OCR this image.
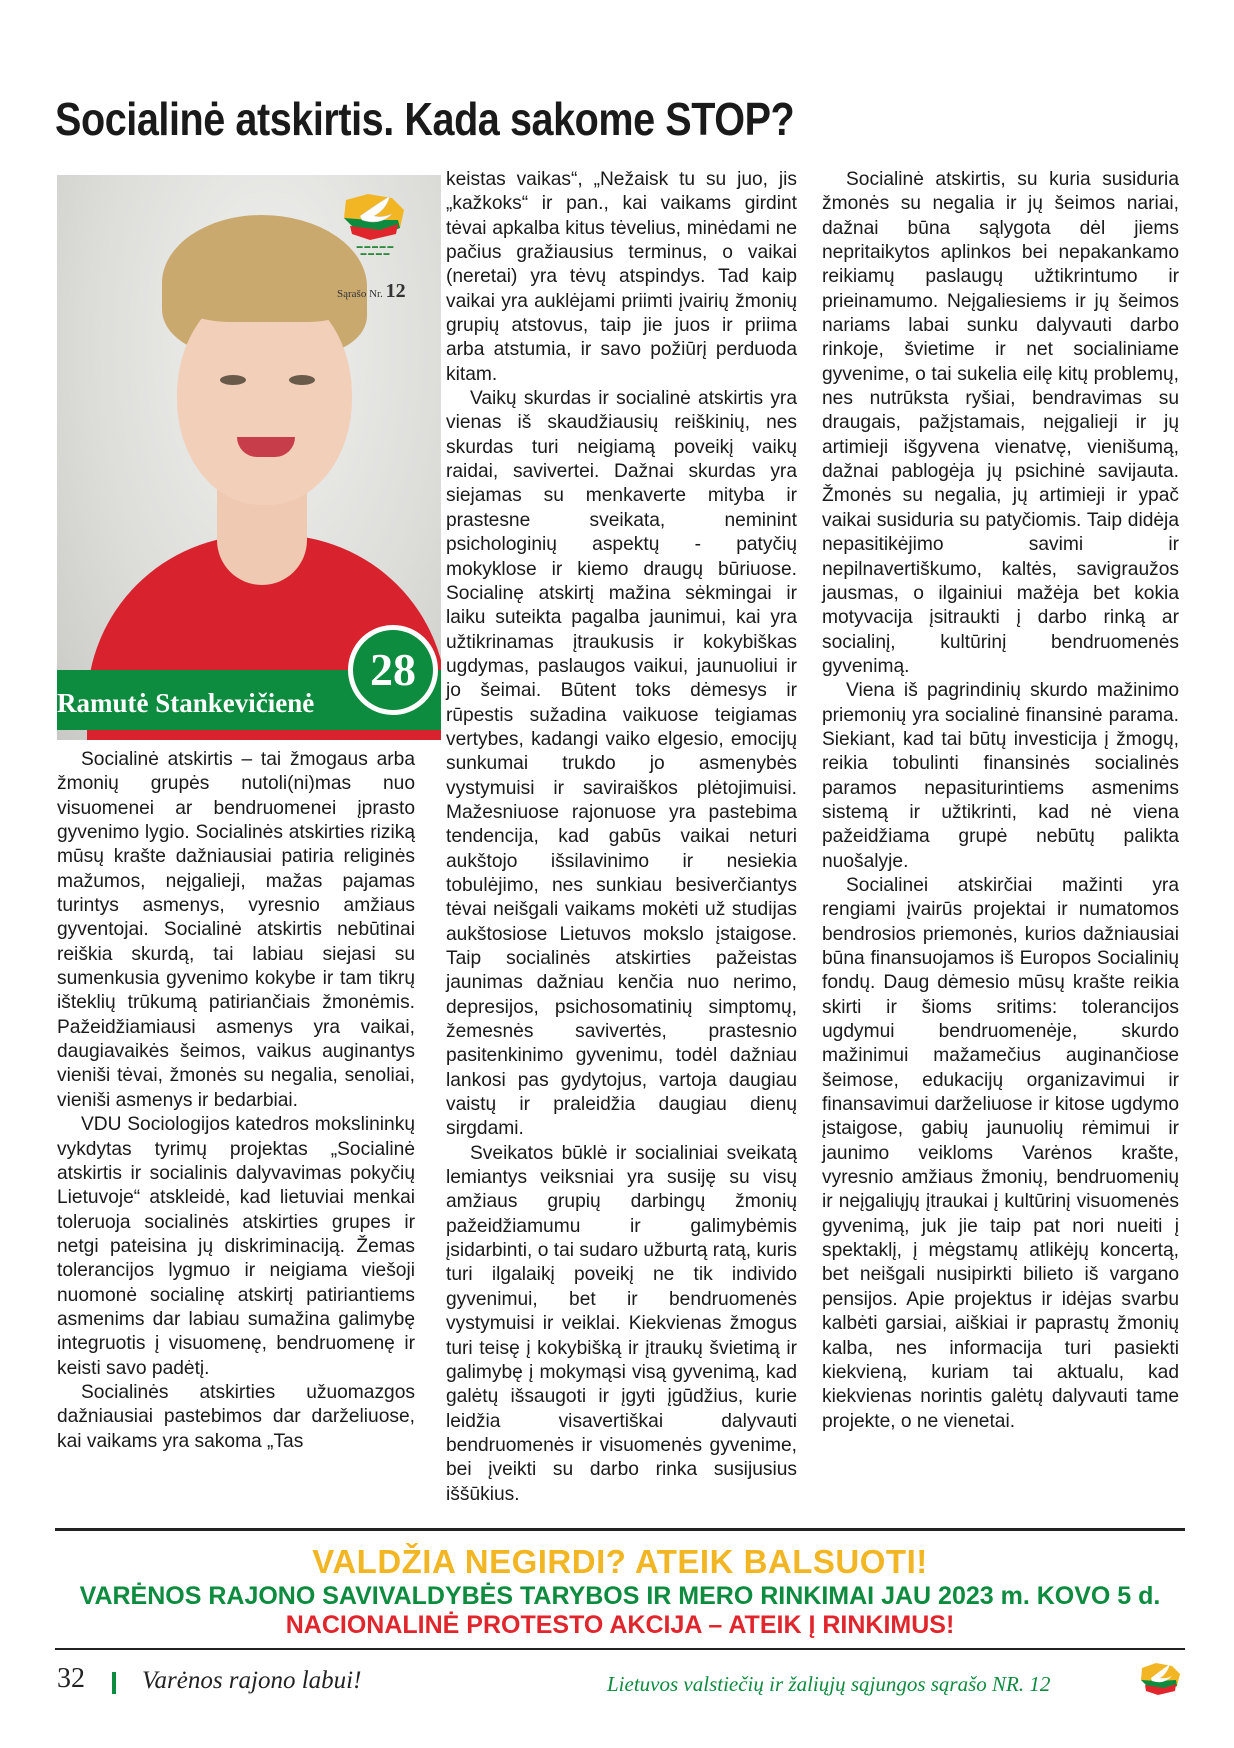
Socialinė atskirtis. Kada sakome STOP?
▬ ▬ ▬ ▬ ▬
▬ ▬ ▬ ▬
Sąrašo Nr. 12
Ramutė Stankevičienė
28

Socialinė atskirtis – tai žmogaus arba žmonių grupės nutoli(ni)mas nuo visuomenei ar bendruomenei įprasto gyvenimo lygio. Socialinės atskirties riziką mūsų krašte dažniausiai patiria religinės mažumos, neįgalieji, mažas pajamas turintys asmenys, vyresnio amžiaus gyventojai. Socialinė atskirtis nebūtinai reiškia skurdą, tai labiau siejasi su sumenkusia gyvenimo kokybe ir tam tikrų išteklių trūkumą patiriančiais žmonėmis. Pažeidžiamiausi asmenys yra vaikai, daugiavaikės šeimos, vaikus auginantys vieniši tėvai, žmonės su negalia, senoliai, vieniši asmenys ir bedarbiai.

VDU Sociologijos katedros mokslininkų vykdytas tyrimų projektas „Socialinė atskirtis ir socialinis dalyvavimas pokyčių Lietuvoje“ atskleidė, kad lietuviai menkai toleruoja socialinės atskirties grupes ir netgi pateisina jų diskriminaciją. Žemas tolerancijos lygmuo ir neigiama viešoji nuomonė socialinę atskirtį patiriantiems asmenims dar labiau sumažina galimybę integruotis į visuomenę, bendruomenę ir keisti savo padėtį.

Socialinės atskirties užuomazgos dažniausiai pastebimos dar darželiuose, kai vaikams yra sakoma „Tas

keistas vaikas“, „Nežaisk tu su juo, jis „kažkoks“ ir pan., kai vaikams girdint tėvai apkalba kitus tėvelius, minėdami ne pačius gražiausius terminus, o vaikai (neretai) yra tėvų atspindys. Tad kaip vaikai yra auklėjami priimti įvairių žmonių grupių atstovus, taip jie juos ir priima arba atstumia, ir savo požiūrį perduoda kitam.

Vaikų skurdas ir socialinė atskirtis yra vienas iš skaudžiausių reiškinių, nes skurdas turi neigiamą poveikį vaikų raidai, savivertei. Dažnai skurdas yra siejamas su menkaverte mityba ir prastesne sveikata, neminint psichologinių aspektų - patyčių mokyklose ir kiemo draugų būriuose. Socialinę atskirtį mažina sėkmingai ir laiku suteikta pagalba jaunimui, kai yra užtikrinamas įtraukusis ir kokybiškas ugdymas, paslaugos vaikui, jaunuoliui ir jo šeimai. Būtent toks dėmesys ir rūpestis sužadina vaikuose teigiamas vertybes, kadangi vaiko elgesio, emocijų sunkumai trukdo jo asmenybės vystymuisi ir saviraiškos plėtojimuisi. Mažesniuose rajonuose yra pastebima tendencija, kad gabūs vaikai neturi aukštojo išsilavinimo ir nesiekia tobulėjimo, nes sunkiau besiverčiantys tėvai neišgali vaikams mokėti už studijas aukštosiose Lietuvos mokslo įstaigose. Taip socialinės atskirties pažeistas jaunimas dažniau kenčia nuo nerimo, depresijos, psichosomatinių simptomų, žemesnės savivertės, prastesnio pasitenkinimo gyvenimu, todėl dažniau lankosi pas gydytojus, vartoja daugiau vaistų ir praleidžia daugiau dienų sirgdami.

Sveikatos būklė ir socialiniai sveikatą lemiantys veiksniai yra susiję su visų amžiaus grupių darbingų žmonių pažeidžiamumu ir galimybėmis įsidarbinti, o tai sudaro užburtą ratą, kuris turi ilgalaikį poveikį ne tik individo gyvenimui, bet ir bendruomenės vystymuisi ir veiklai. Kiekvienas žmogus turi teisę į kokybišką ir įtraukų švietimą ir galimybę į mokymąsi visą gyvenimą, kad galėtų išsaugoti ir įgyti įgūdžius, kurie leidžia visavertiškai dalyvauti bendruomenės ir visuomenės gyvenime, bei įveikti su darbo rinka susijusius iššūkius.

Socialinė atskirtis, su kuria susiduria žmonės su negalia ir jų šeimos nariai, dažnai būna sąlygota dėl jiems nepritaikytos aplinkos bei nepakankamo reikiamų paslaugų užtikrintumo ir prieinamumo. Neįgaliesiems ir jų šeimos nariams labai sunku dalyvauti darbo rinkoje, švietime ir net socialiniame gyvenime, o tai sukelia eilę kitų problemų, nes nutrūksta ryšiai, bendravimas su draugais, pažįstamais, neįgalieji ir jų artimieji išgyvena vienatvę, vienišumą, dažnai pablogėja jų psichinė savijauta. Žmonės su negalia, jų artimieji ir ypač vaikai susiduria su patyčiomis. Taip didėja nepasitikėjimo savimi ir nepilnavertiškumo, kaltės, savigraužos jausmas, o ilgainiui mažėja bet kokia motyvacija įsitraukti į darbo rinką ar socialinį, kultūrinį bendruomenės gyvenimą.

Viena iš pagrindinių skurdo mažinimo priemonių yra socialinė finansinė parama. Siekiant, kad tai būtų investicija į žmogų, reikia tobulinti finansinės socialinės paramos nepasiturintiems asmenims sistemą ir užtikrinti, kad nė viena pažeidžiama grupė nebūtų palikta nuošalyje.

Socialinei atskirčiai mažinti yra rengiami įvairūs projektai ir numatomos bendrosios priemonės, kurios dažniausiai būna finansuojamos iš Europos Socialinių fondų. Daug dėmesio mūsų krašte reikia skirti ir šioms sritims: tolerancijos ugdymui bendruomenėje, skurdo mažinimui mažamečius auginančiose šeimose, edukacijų organizavimui ir finansavimui darželiuose ir kitose ugdymo įstaigose, gabių jaunuolių rėmimui ir jaunimo veikloms Varėnos krašte, vyresnio amžiaus žmonių, bendruomenių ir neįgaliųjų įtraukai į kultūrinį visuomenės gyvenimą, juk jie taip pat nori nueiti į spektaklį, į mėgstamų atlikėjų koncertą, bet neišgali nusipirkti bilieto iš vargano pensijos. Apie projektus ir idėjas svarbu kalbėti garsiai, aiškiai ir paprastų žmonių kalba, nes informacija turi pasiekti kiekvieną, kuriam tai aktualu, kad kiekvienas norintis galėtų dalyvauti tame projekte, o ne vienetai.

VALDŽIA NEGIRDI? ATEIK BALSUOTI!
VARĖNOS RAJONO SAVIVALDYBĖS TARYBOS IR MERO RINKIMAI JAU 2023 m. KOVO 5 d.
NACIONALINĖ PROTESTO AKCIJA – ATEIK Į RINKIMUS!
32 Varėnos rajono labui!	Lietuvos valstiečių ir žaliųjų sąjungos sąrašo NR. 12
